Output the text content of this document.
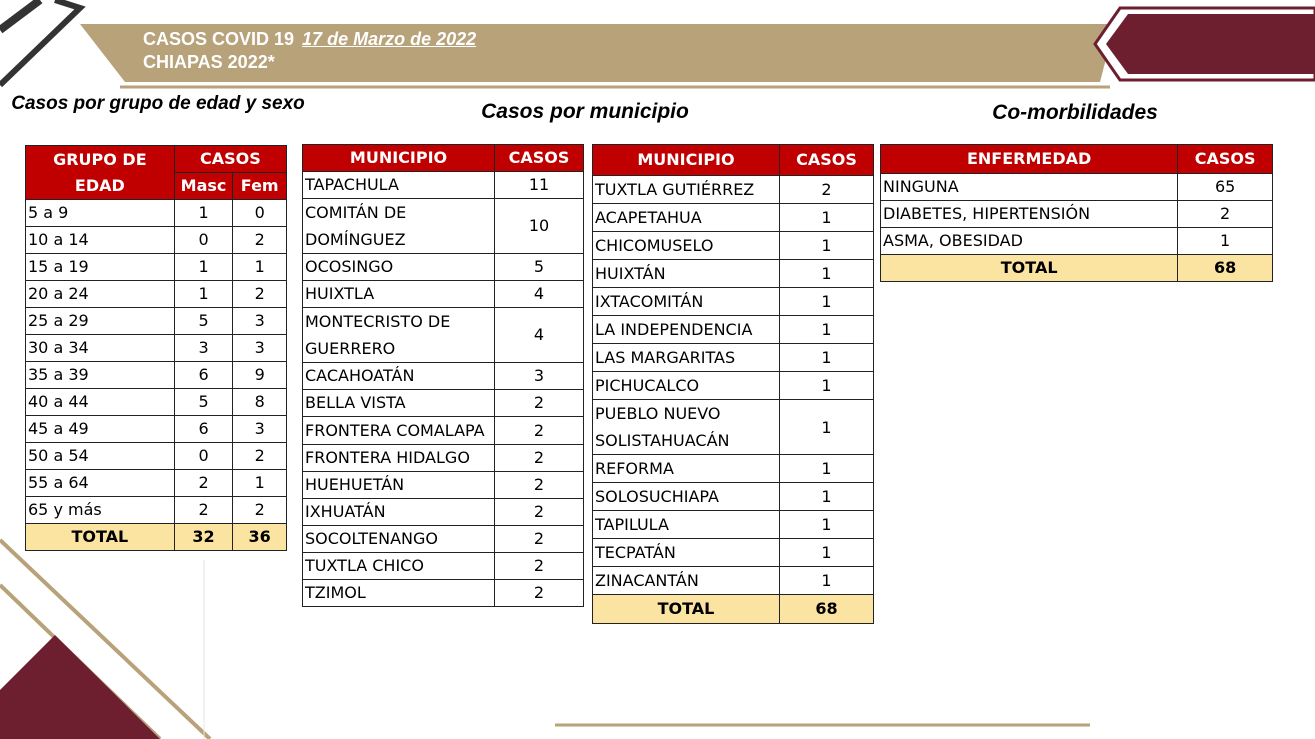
CASOS COVID 19 17 de Marzo de 2022
CHIAPAS 2022*
Casos por grupo de edad y sexo	Casos por municipio	Co-morbilidades
GRUPO DE EDAD	CASOS	
	Masc	Fem
5 a 9	1	0
10 a 14	0	2
15 a 19	1	1
20 a 24	1	2
25 a 29	5	3
30 a 34	3	3
35 a 39	6	9
40 a 44	5	8
45 a 49	6	3
50 a 54	0	2
55 a 64	2	1
65 y más	2	2
TOTAL	32	36
MUNICIPIO	CASOS
TAPACHULA	11
COMITÁN DE DOMÍNGUEZ	10
OCOSINGO	5
HUIXTLA	4
MONTECRISTO DE GUERRERO	4
CACAHOATÁN	3
BELLA VISTA	2
FRONTERA COMALAPA	2
FRONTERA HIDALGO	2
HUEHUETÁN	2
IXHUATÁN	2
SOCOLTENANGO	2
TUXTLA CHICO	2
TZIMOL	2
MUNICIPIO	CASOS
TUXTLA GUTIÉRREZ	2
ACAPETAHUA	1
CHICOMUSELO	1
HUIXTÁN	1
IXTACOMITÁN	1
LA INDEPENDENCIA	1
LAS MARGARITAS	1
PICHUCALCO	1
PUEBLO NUEVO SOLISTAHUACÁN	1
REFORMA	1
SOLOSUCHIAPA	1
TAPILULA	1
TECPATÁN	1
ZINACANTÁN	1
TOTAL	68
ENFERMEDAD	CASOS
NINGUNA	65
DIABETES, HIPERTENSIÓN	2
ASMA, OBESIDAD	1
TOTAL	68
